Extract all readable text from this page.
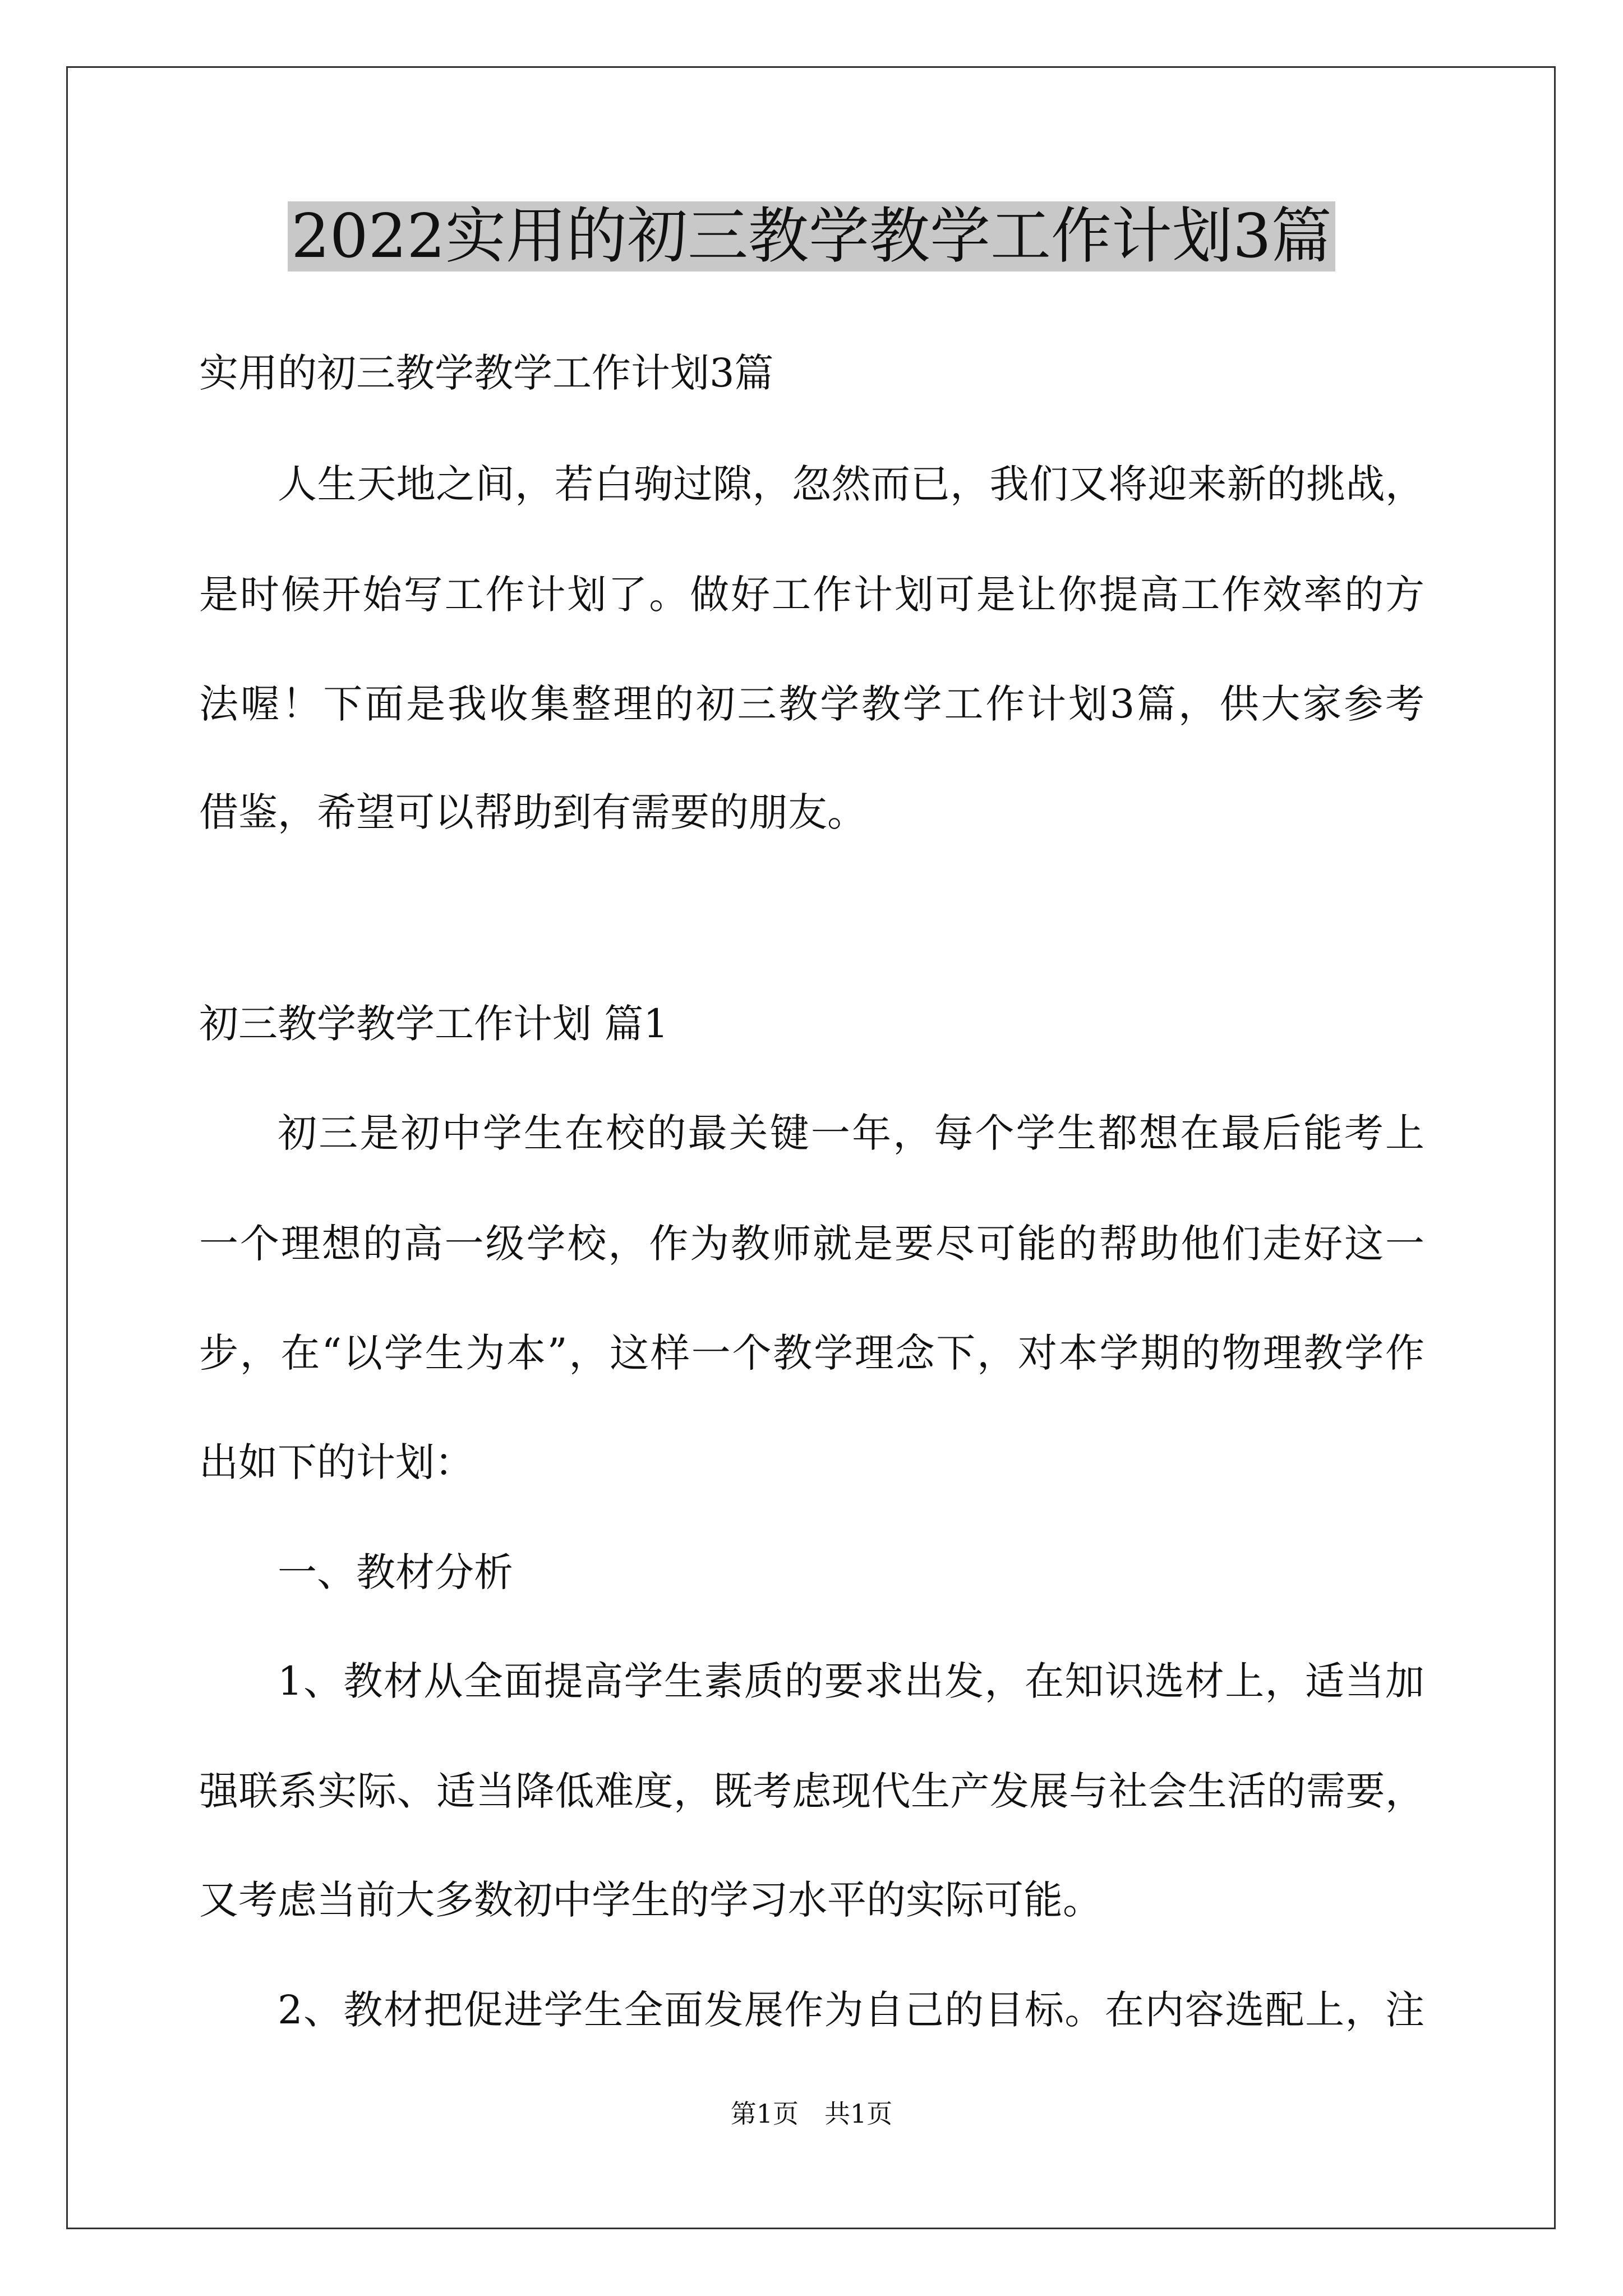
2022实用的初三教学教学工作计划3篇

实用的初三教学教学工作计划3篇

人生天地之间，若白驹过隙，忽然而已，我们又将迎来新的挑战，

是时候开始写工作计划了。做好工作计划可是让你提高工作效率的方

法喔！下面是我收集整理的初三教学教学工作计划3篇，供大家参考

借鉴，希望可以帮助到有需要的朋友。

初三教学教学工作计划 篇1

初三是初中学生在校的最关键一年，每个学生都想在最后能考上

一个理想的高一级学校，作为教师就是要尽可能的帮助他们走好这一

步，在“以学生为本”，这样一个教学理念下，对本学期的物理教学作

出如下的计划：

一、教材分析

1、教材从全面提高学生素质的要求出发，在知识选材上，适当加

强联系实际、适当降低难度，既考虑现代生产发展与社会生活的需要，

又考虑当前大多数初中学生的学习水平的实际可能。

2、教材把促进学生全面发展作为自己的目标。在内容选配上，注

第1页　共1页
